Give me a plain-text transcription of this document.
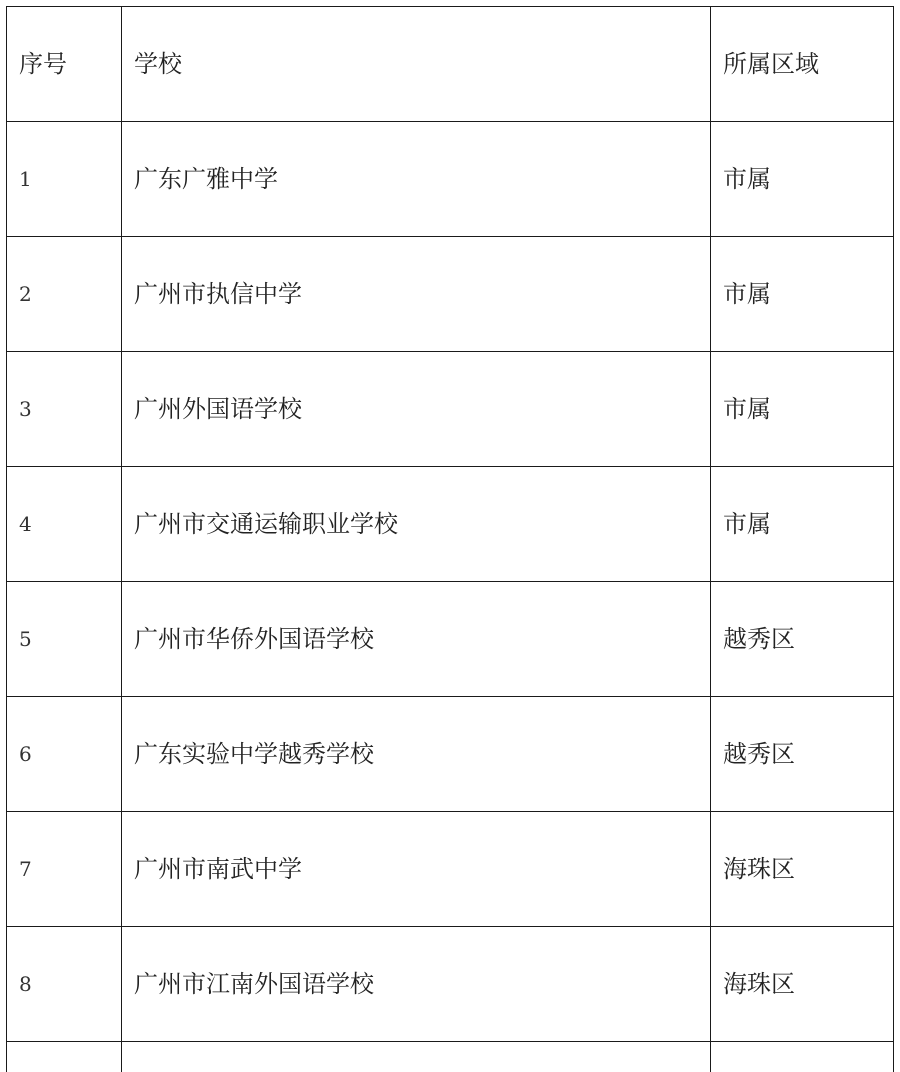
序号	学校	所属区域
1	广东广雅中学	市属
2	广州市执信中学	市属
3	广州外国语学校	市属
4	广州市交通运输职业学校	市属
5	广州市华侨外国语学校	越秀区
6	广东实验中学越秀学校	越秀区
7	广州市南武中学	海珠区
8	广州市江南外国语学校	海珠区
